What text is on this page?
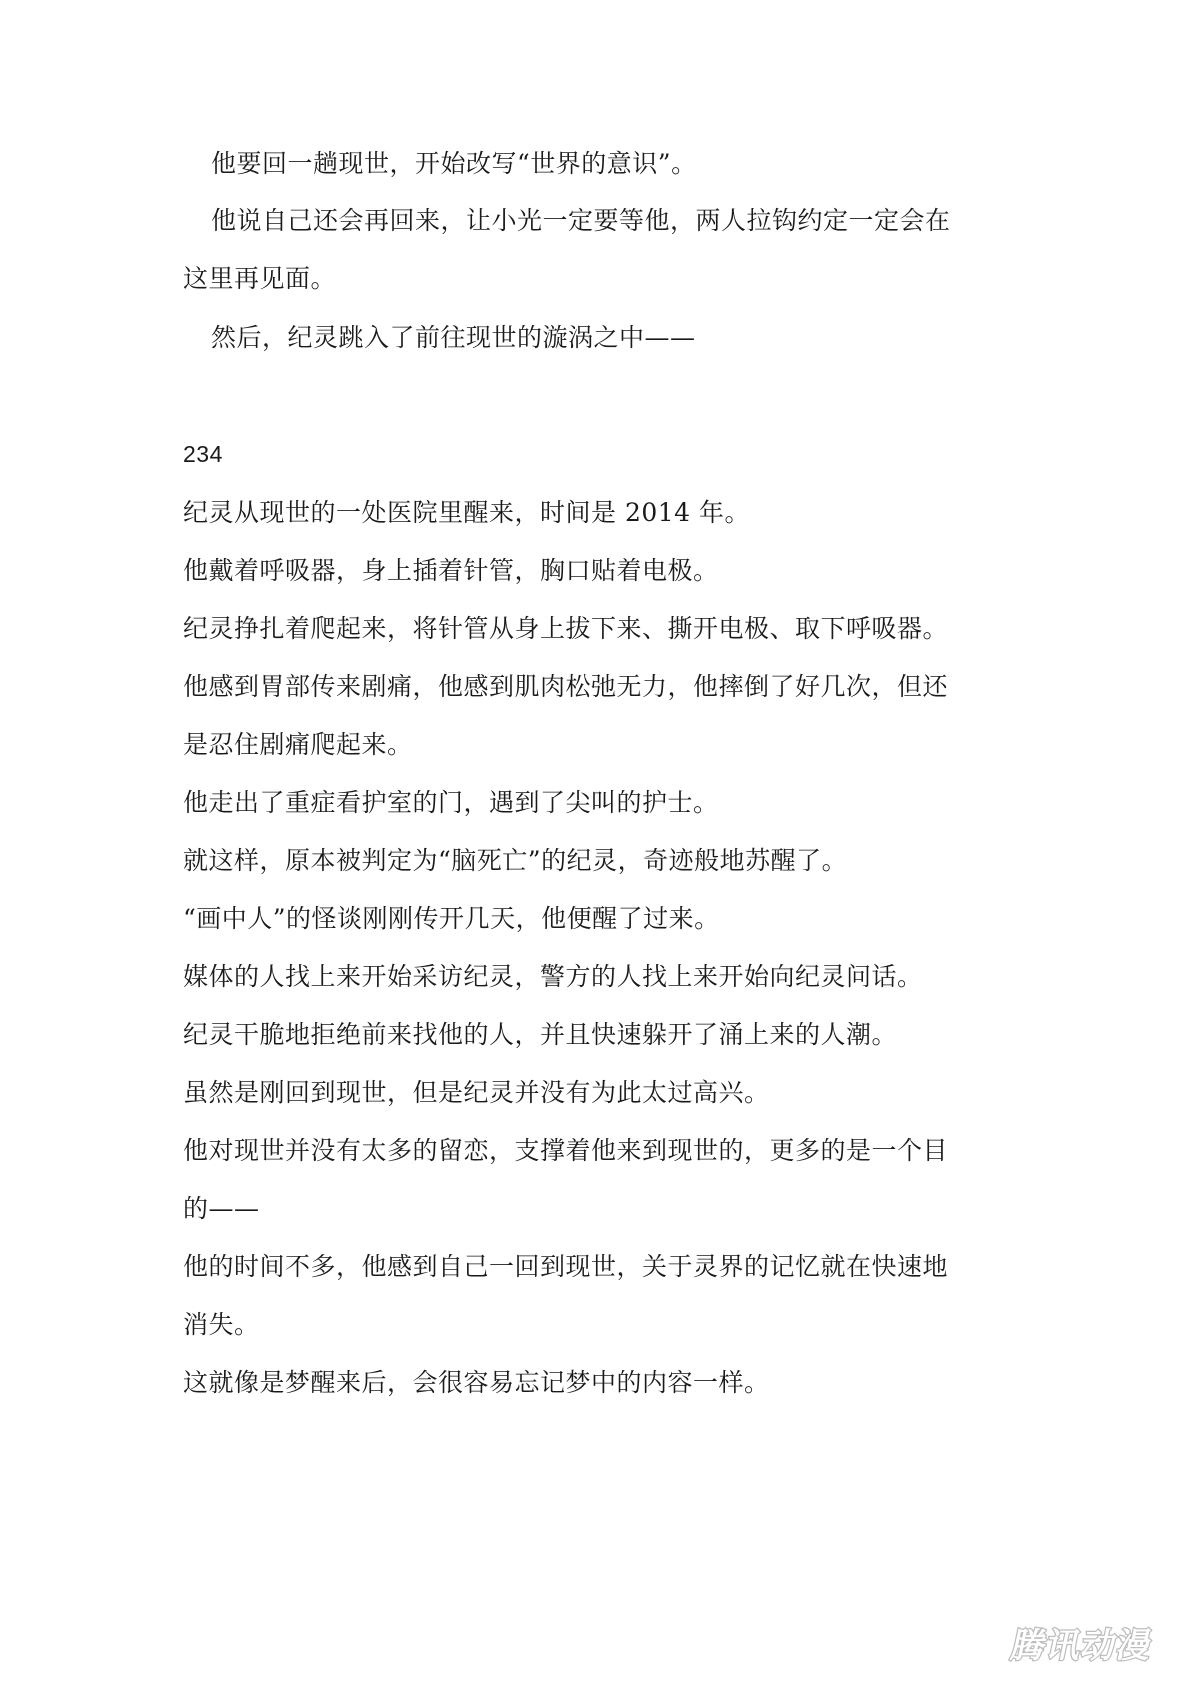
他要回一趟现世，开始改写“世界的意识”。
他说自己还会再回来，让小光一定要等他，两人拉钩约定一定会在
这里再见面。
然后，纪灵跳入了前往现世的漩涡之中——
234
纪灵从现世的一处医院里醒来，时间是 2014 年。
他戴着呼吸器，身上插着针管，胸口贴着电极。
纪灵挣扎着爬起来，将针管从身上拔下来、撕开电极、取下呼吸器。
他感到胃部传来剧痛，他感到肌肉松弛无力，他摔倒了好几次，但还
是忍住剧痛爬起来。
他走出了重症看护室的门，遇到了尖叫的护士。
就这样，原本被判定为“脑死亡”的纪灵，奇迹般地苏醒了。
“画中人”的怪谈刚刚传开几天，他便醒了过来。
媒体的人找上来开始采访纪灵，警方的人找上来开始向纪灵问话。
纪灵干脆地拒绝前来找他的人，并且快速躲开了涌上来的人潮。
虽然是刚回到现世，但是纪灵并没有为此太过高兴。
他对现世并没有太多的留恋，支撑着他来到现世的，更多的是一个目
的——
他的时间不多，他感到自己一回到现世，关于灵界的记忆就在快速地
消失。
这就像是梦醒来后，会很容易忘记梦中的内容一样。
腾讯动漫
